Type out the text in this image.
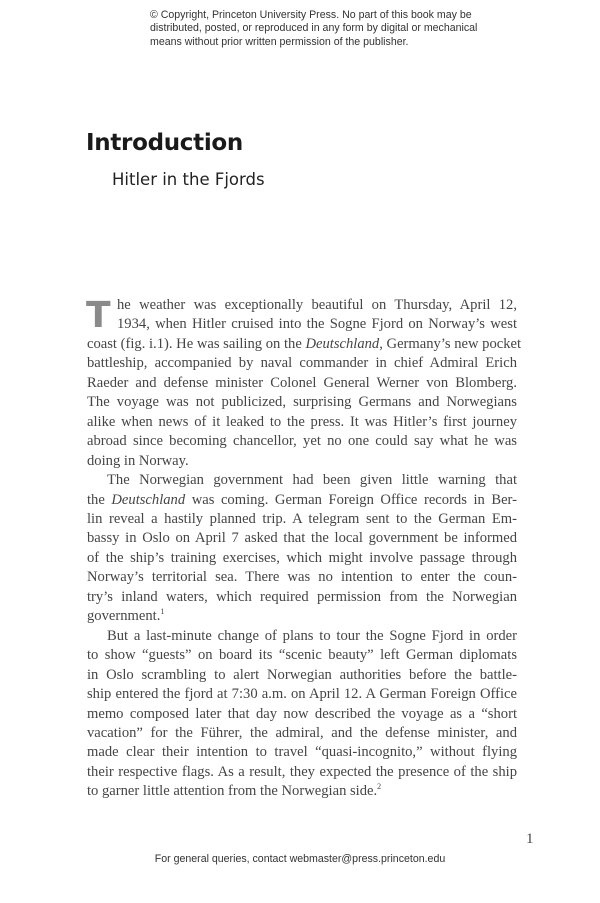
© Copyright, Princeton University Press. No part of this book may be
distributed, posted, or reproduced in any form by digital or mechanical
means without prior written permission of the publisher.
Introduction
Hitler in the Fjords
T he weather was exceptionally beautiful on Thursday, April 12,
1934, when Hitler cruised into the Sogne Fjord on Norway’s west
coast (fig. i.1). He was sailing on the Deutschland, Germany’s new pocket
battleship, accompanied by naval commander in chief Admiral Erich
Raeder and defense minister Colonel General Werner von Blomberg.
The voyage was not publicized, surprising Germans and Norwegians
alike when news of it leaked to the press. It was Hitler’s first journey
abroad since becoming chancellor, yet no one could say what he was
doing in Norway.
The Norwegian government had been given little warning that
the Deutschland was coming. German Foreign Office records in Ber-
lin reveal a hastily planned trip. A telegram sent to the German Em-
bassy in Oslo on April 7 asked that the local government be informed
of the ship’s training exercises, which might involve passage through
Norway’s territorial sea. There was no intention to enter the coun-
try’s inland waters, which required permission from the Norwegian
government.$^1$
But a last-minute change of plans to tour the Sogne Fjord in order
to show “guests” on board its “scenic beauty” left German diplomats
in Oslo scrambling to alert Norwegian authorities before the battle-
ship entered the fjord at 7:30 a.m. on April 12. A German Foreign Office
memo composed later that day now described the voyage as a “short
vacation” for the Führer, the admiral, and the defense minister, and
made clear their intention to travel “quasi-incognito,” without flying
their respective flags. As a result, they expected the presence of the ship
to garner little attention from the Norwegian side.$^2$
1
For general queries, contact webmaster@press.princeton.edu
